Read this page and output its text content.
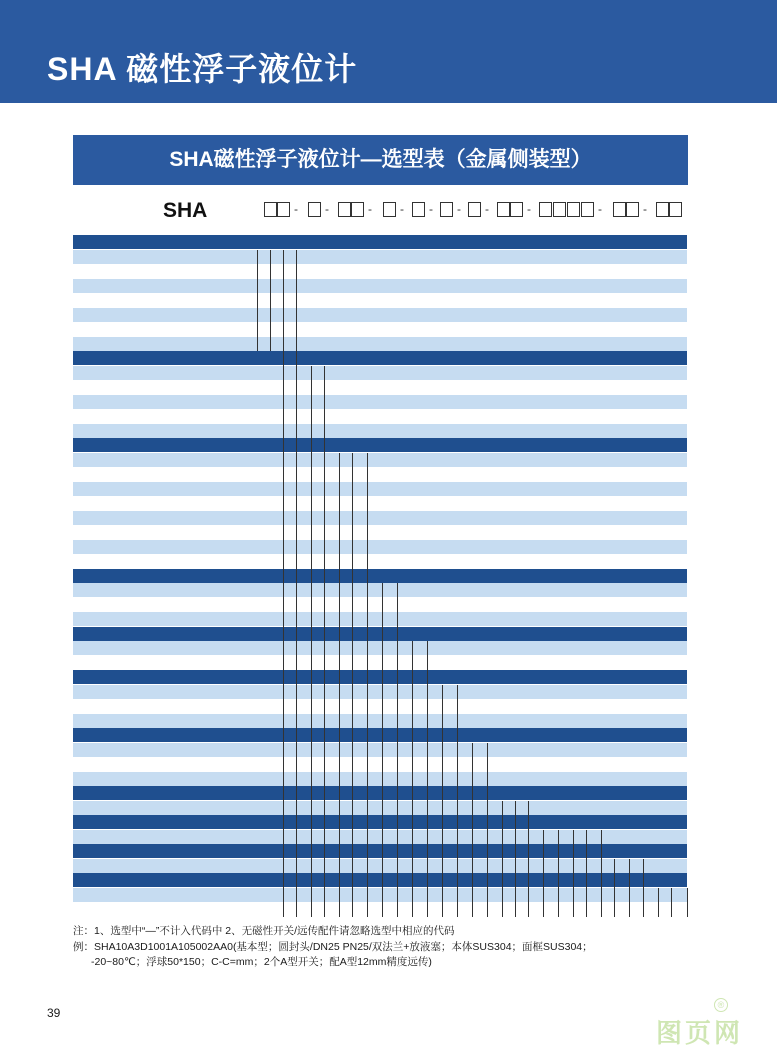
SHA 磁性浮子液位计
SHA磁性浮子液位计—选型表（金属侧装型）
SHA	- -	- - - - -	-	-	-

注：1、选型中“—”不计入代码中 2、无磁性开关/远传配件请忽略选型中相应的代码

例：SHA10A3D1001A105002AA0(基本型；圆封头/DN25 PN25/双法兰+放液塞；本体SUS304；面框SUS304；

-20~80℃；浮球50*150；C-C=mm；2个A型开关；配A型12mm精度远传)

39
图页网
®
